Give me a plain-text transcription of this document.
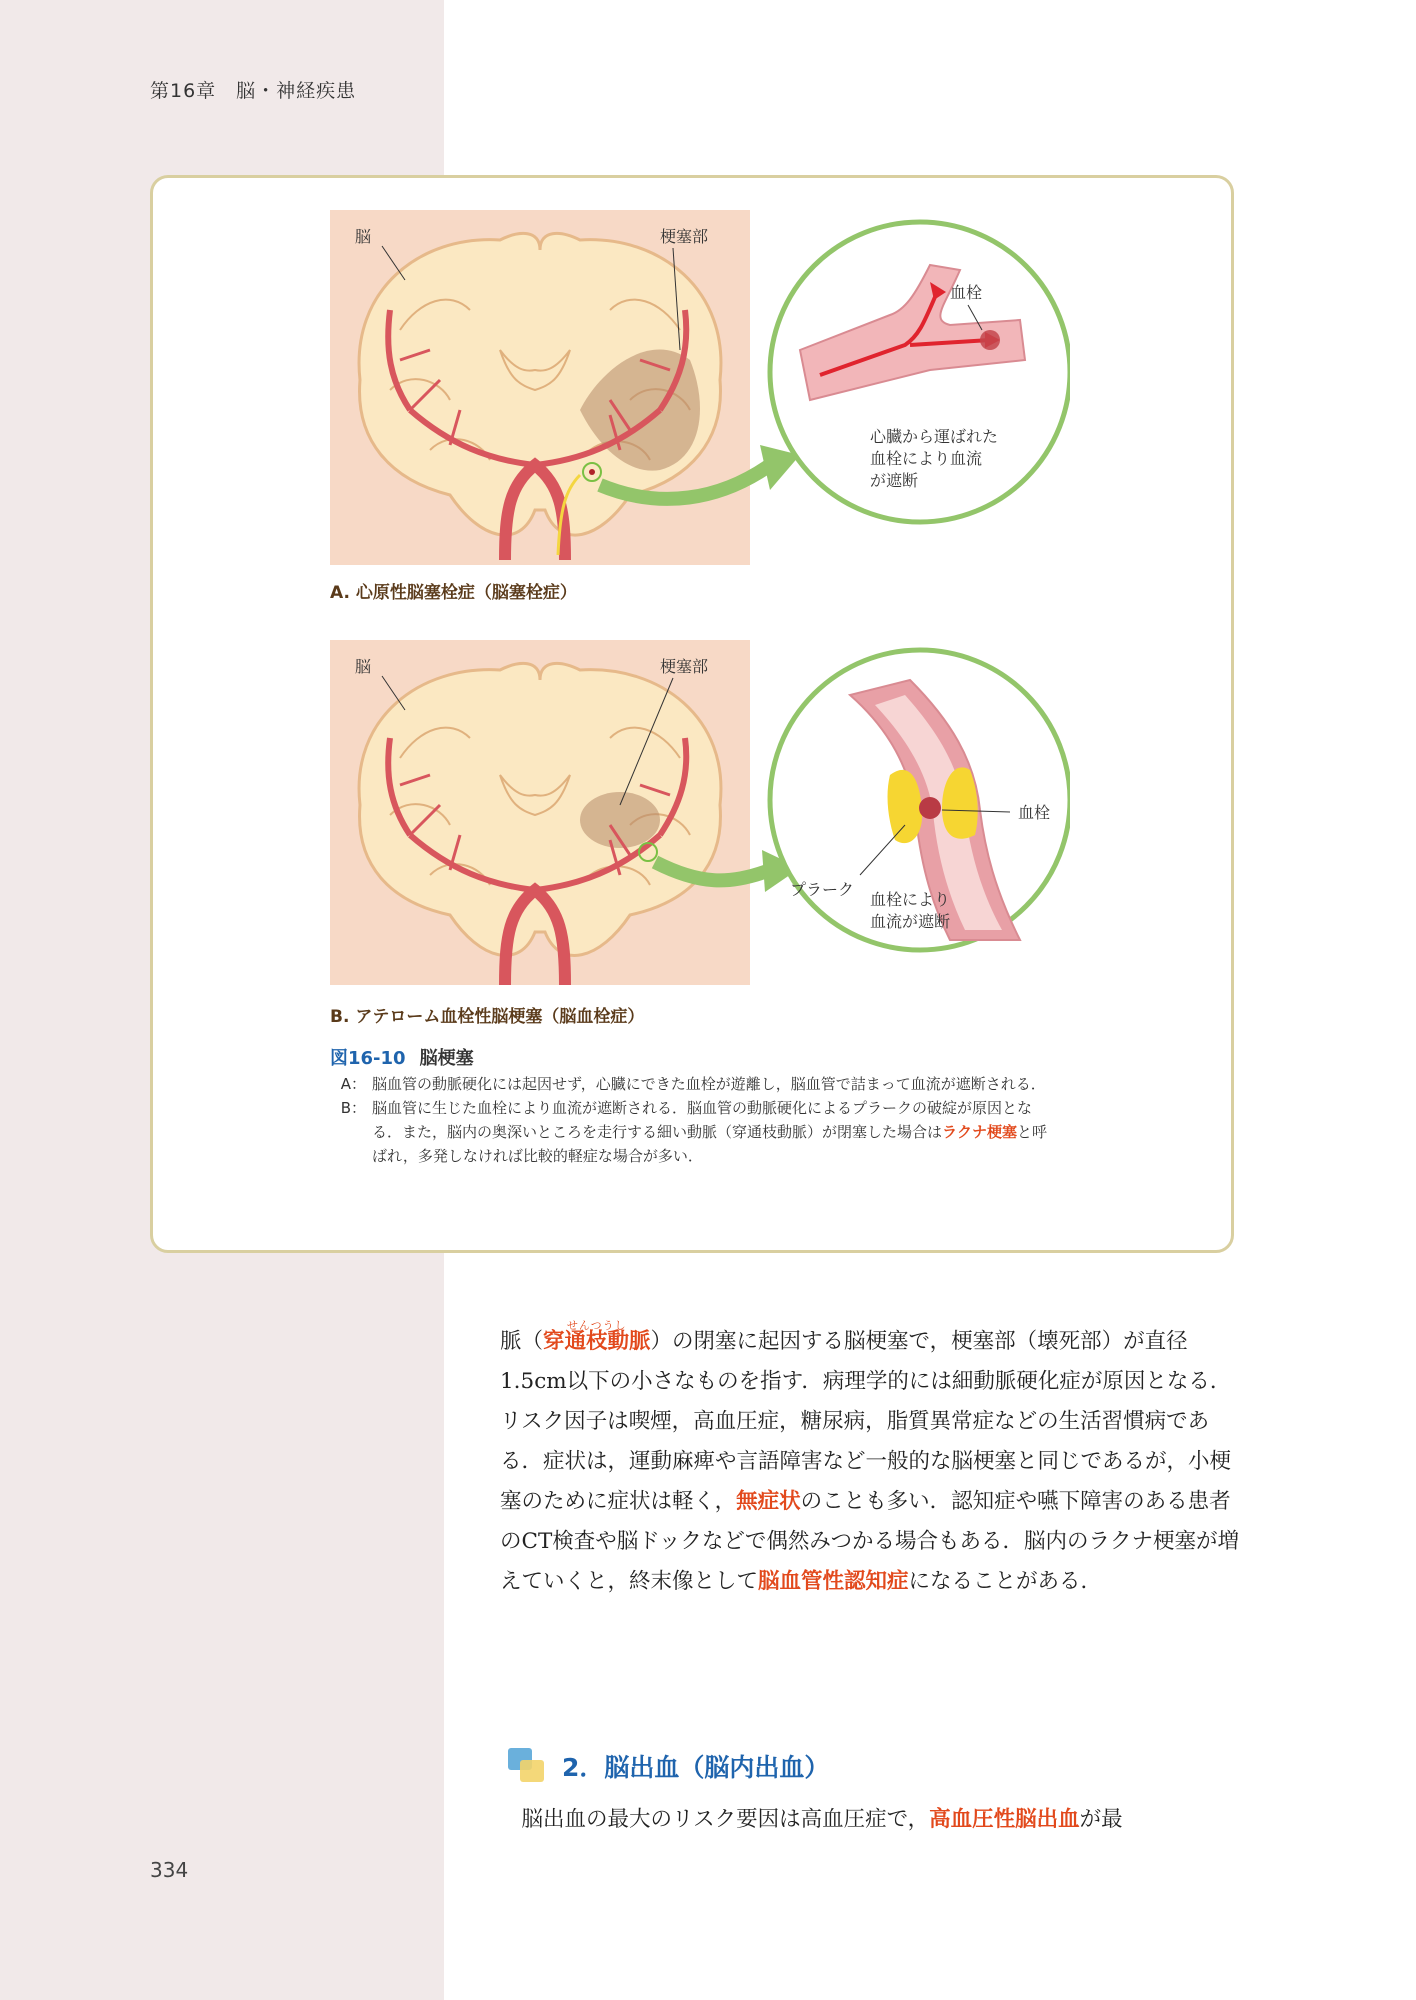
第16章　脳・神経疾患
脳	梗塞部
血栓
心臓から運ばれた
血栓により血流
が遮断
A. 心原性脳塞栓症（脳塞栓症）
脳	梗塞部
プラーク
血栓
血栓により
血流が遮断
B. アテローム血栓性脳梗塞（脳血栓症）
図16-10 脳梗塞
A： 脳血管の動脈硬化には起因せず，心臓にできた血栓が遊離し，脳血管で詰まって血流が遮断される．
B： 脳血管に生じた血栓により血流が遮断される．脳血管の動脈硬化によるプラークの破綻が原因となる．また，脳内の奥深いところを走行する細い動脈（穿通枝動脈）が閉塞した場合はラクナ梗塞と呼ばれ，多発しなければ比較的軽症な場合が多い．

脈（
せんつうし
穿通枝動脈）の閉塞に起因する脳梗塞で，梗塞部（壊死部）が直径1.5cm以下の小さなものを指す．病理学的には細動脈硬化症が原因となる．リスク因子は喫煙，高血圧症，糖尿病，脂質異常症などの生活習慣病である．症状は，運動麻痺や言語障害など一般的な脳梗塞と同じであるが，小梗塞のために症状は軽く，無症状のことも多い．認知症や嚥下障害のある患者のCT検査や脳ドックなどで偶然みつかる場合もある．脳内のラクナ梗塞が増えていくと，終末像として脳血管性認知症になることがある．

2．脳出血（脳内出血）
脳出血の最大のリスク要因は高血圧症で，高血圧性脳出血が最
334
